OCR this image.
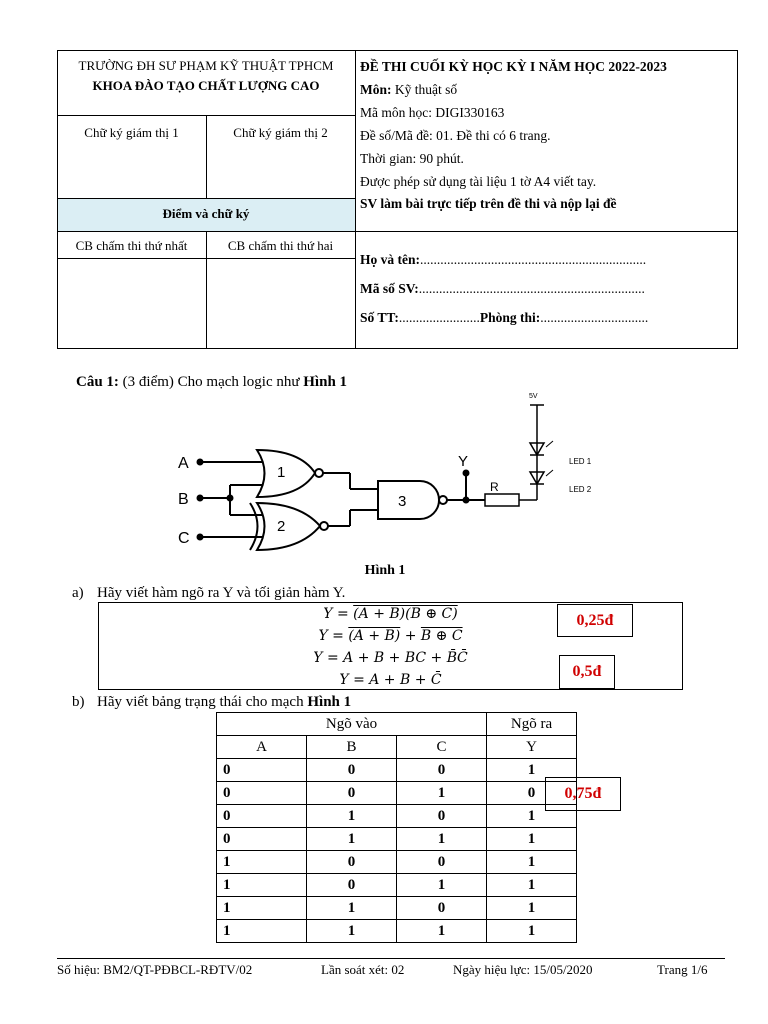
TRƯỜNG ĐH SƯ PHẠM KỸ THUẬT TPHCM
KHOA ĐÀO TẠO CHẤT LƯỢNG CAO
Chữ ký giám thị 1	Chữ ký giám thị 2
Điểm và chữ ký
CB chấm thi thứ nhất	CB chấm thi thứ hai
ĐỀ THI CUỐI KỲ HỌC KỲ I NĂM HỌC 2022-2023
Môn: Kỹ thuật số
Mã môn học: DIGI330163
Đề số/Mã đề: 01. Đề thi có 6 trang.
Thời gian: 90 phút.
Được phép sử dụng tài liệu 1 tờ A4 viết tay.
SV làm bài trực tiếp trên đề thi và nộp lại đề
Họ và tên:...................................................................
Mã số SV:...................................................................
Số TT:........................Phòng thi:................................
Câu 1: (3 điểm) Cho mạch logic như Hình 1
A
B
C
1
2
3
Y
R
5V
LED 1
LED 2
Hình 1
a) Hãy viết hàm ngõ ra Y và tối giản hàm Y.
Y = (A + B)(B ⊕ C)
Y = (A + B) + B ⊕ C
Y = A + B + BC + B̄C̄
Y = A + B + C̄
0,25đ
0,5đ
b) Hãy viết bảng trạng thái cho mạch Hình 1
Ngõ vào			Ngõ ra
A	B	C	Y
0	0	0	1
0	0	1	0
0	1	0	1
0	1	1	1
1	0	0	1
1	0	1	1
1	1	0	1
1	1	1	1
0,75đ
Số hiệu: BM2/QT-PĐBCL-RĐTV/02	Lần soát xét: 02	Ngày hiệu lực: 15/05/2020	Trang 1/6
